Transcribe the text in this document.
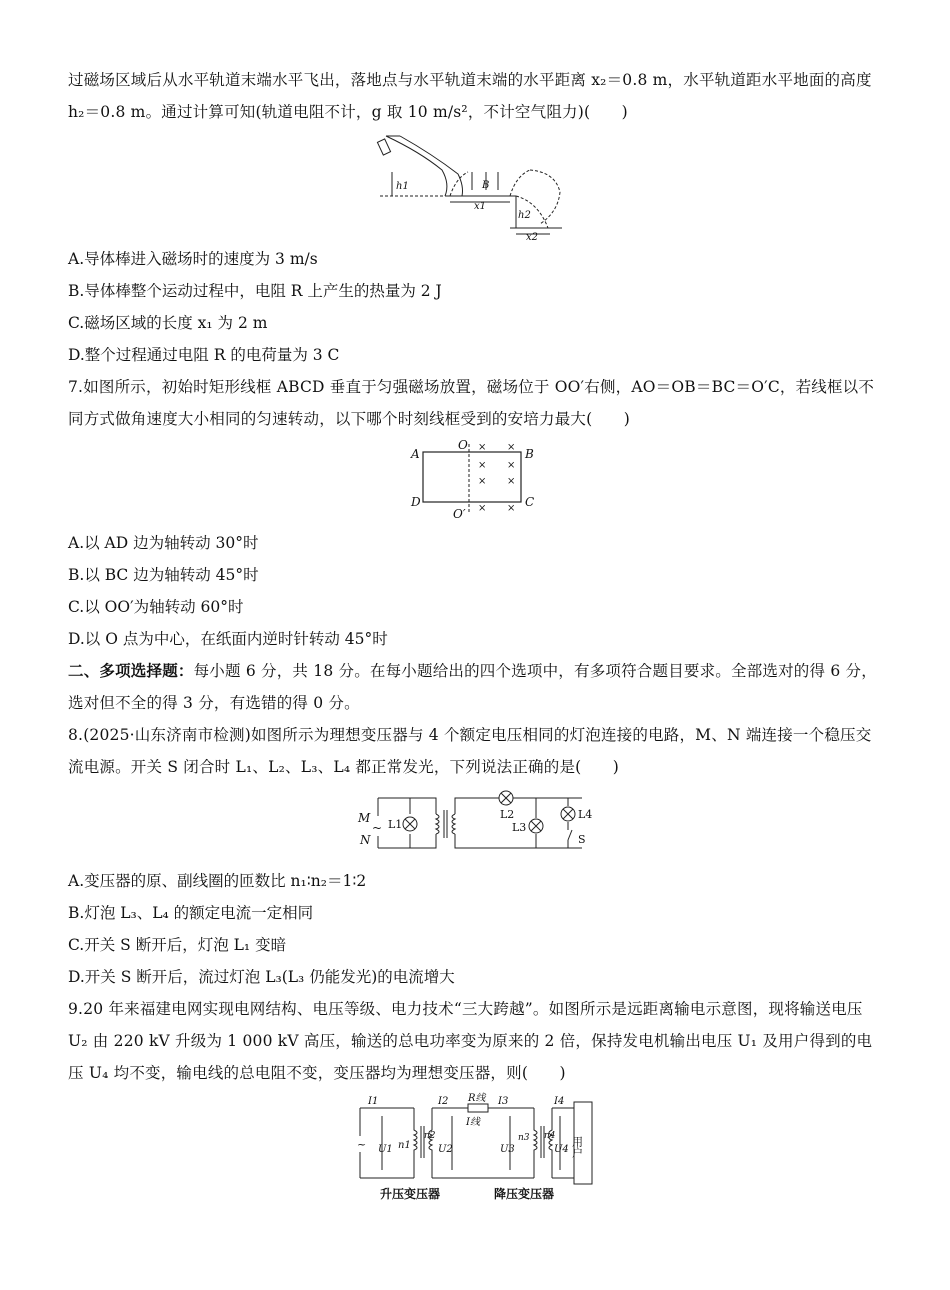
过磁场区域后从水平轨道末端水平飞出，落地点与水平轨道末端的水平距离 x₂＝0.8 m，水平轨道距水平地面的高度 h₂＝0.8 m。通过计算可知(轨道电阻不计，g 取 10 m/s²，不计空气阻力)(　　)

h1	B
x1
h2
x2

A.导体棒进入磁场时的速度为 3 m/s

B.导体棒整个运动过程中，电阻 R 上产生的热量为 2 J

C.磁场区域的长度 x₁ 为 2 m

D.整个过程通过电阻 R 的电荷量为 3 C

7.如图所示，初始时矩形线框 ABCD 垂直于匀强磁场放置，磁场位于 OO′右侧，AO＝OB＝BC＝O′C，若线框以不同方式做角速度大小相同的匀速转动，以下哪个时刻线框受到的安培力最大(　　)

A
O
B
D
O′
C
× ×
× ×
× ×
× ×

A.以 AD 边为轴转动 30°时

B.以 BC 边为轴转动 45°时

C.以 OO′为轴转动 60°时

D.以 O 点为中心，在纸面内逆时针转动 45°时

二、多项选择题：每小题 6 分，共 18 分。在每小题给出的四个选项中，有多项符合题目要求。全部选对的得 6 分，选对但不全的得 3 分，有选错的得 0 分。

8.(2025·山东济南市检测)如图所示为理想变压器与 4 个额定电压相同的灯泡连接的电路，M、N 端连接一个稳压交流电源。开关 S 闭合时 L₁、L₂、L₃、L₄ 都正常发光，下列说法正确的是(　　)

M
N
~ L1
L2
L3
L4
S

A.变压器的原、副线圈的匝数比 n₁∶n₂＝1∶2

B.灯泡 L₃、L₄ 的额定电流一定相同

C.开关 S 断开后，灯泡 L₁ 变暗

D.开关 S 断开后，流过灯泡 L₃(L₃ 仍能发光)的电流增大

9.20 年来福建电网实现电网结构、电压等级、电力技术“三大跨越”。如图所示是远距离输电示意图，现将输送电压 U₂ 由 220 kV 升级为 1 000 kV 高压，输送的总电功率变为原来的 2 倍，保持发电机输出电压 U₁ 及用户得到的电压 U₄ 均不变，输电线的总电阻不变，变压器均为理想变压器，则(　　)

~
I1
U1 n1
n2
U2
I2 R线
I线
I3
U3
n3 n4
I4
U4 用户
升压变压器	降压变压器
